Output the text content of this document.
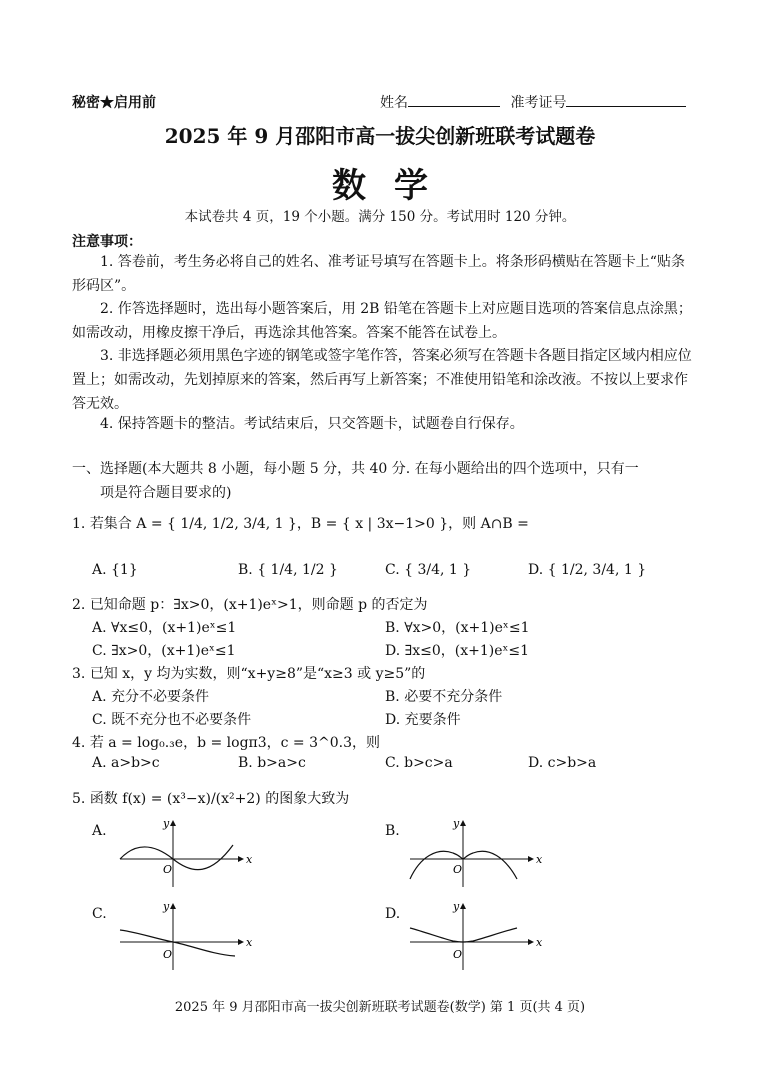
秘密★启用前	姓名	准考证号
2025 年 9 月邵阳市高一拔尖创新班联考试题卷
数学
本试卷共 4 页，19 个小题。满分 150 分。考试用时 120 分钟。
注意事项：
1. 答卷前，考生务必将自己的姓名、准考证号填写在答题卡上。将条形码横贴在答题卡上“贴条形码区”。
2. 作答选择题时，选出每小题答案后，用 2B 铅笔在答题卡上对应题目选项的答案信息点涂黑；如需改动，用橡皮擦干净后，再选涂其他答案。答案不能答在试卷上。
3. 非选择题必须用黑色字迹的钢笔或签字笔作答，答案必须写在答题卡各题目指定区域内相应位置上；如需改动，先划掉原来的答案，然后再写上新答案；不准使用铅笔和涂改液。不按以上要求作答无效。
4. 保持答题卡的整洁。考试结束后，只交答题卡，试题卷自行保存。
一、选择题(本大题共 8 小题，每小题 5 分，共 40 分. 在每小题给出的四个选项中，只有一
项是符合题目要求的)
1. 若集合 A = { 1/4, 1/2, 3/4, 1 }，B = { x | 3x−1>0 }，则 A∩B =
A. {1}	B. { 1/4, 1/2 }	C. { 3/4, 1 }	D. { 1/2, 3/4, 1 }
2. 已知命题 p：∃x>0，(x+1)eˣ>1，则命题 p 的否定为
A. ∀x≤0，(x+1)eˣ≤1	B. ∀x>0，(x+1)eˣ≤1
C. ∃x>0，(x+1)eˣ≤1	D. ∃x≤0，(x+1)eˣ≤1
3. 已知 x，y 均为实数，则“x+y≥8”是“x≥3 或 y≥5”的
A. 充分不必要条件	B. 必要不充分条件
C. 既不充分也不必要条件	D. 充要条件
4. 若 a = log₀.₃e，b = logπ3，c = 3^0.3，则
A. a>b>c	B. b>a>c	C. b>c>a	D. c>b>a
5. 函数 f(x) = (x³−x)/(x²+2) 的图象大致为
A.	B.
C.	D.
x
y
O
x
y
O
x
y
O
x
y
O
2025 年 9 月邵阳市高一拔尖创新班联考试题卷(数学) 第 1 页(共 4 页)
